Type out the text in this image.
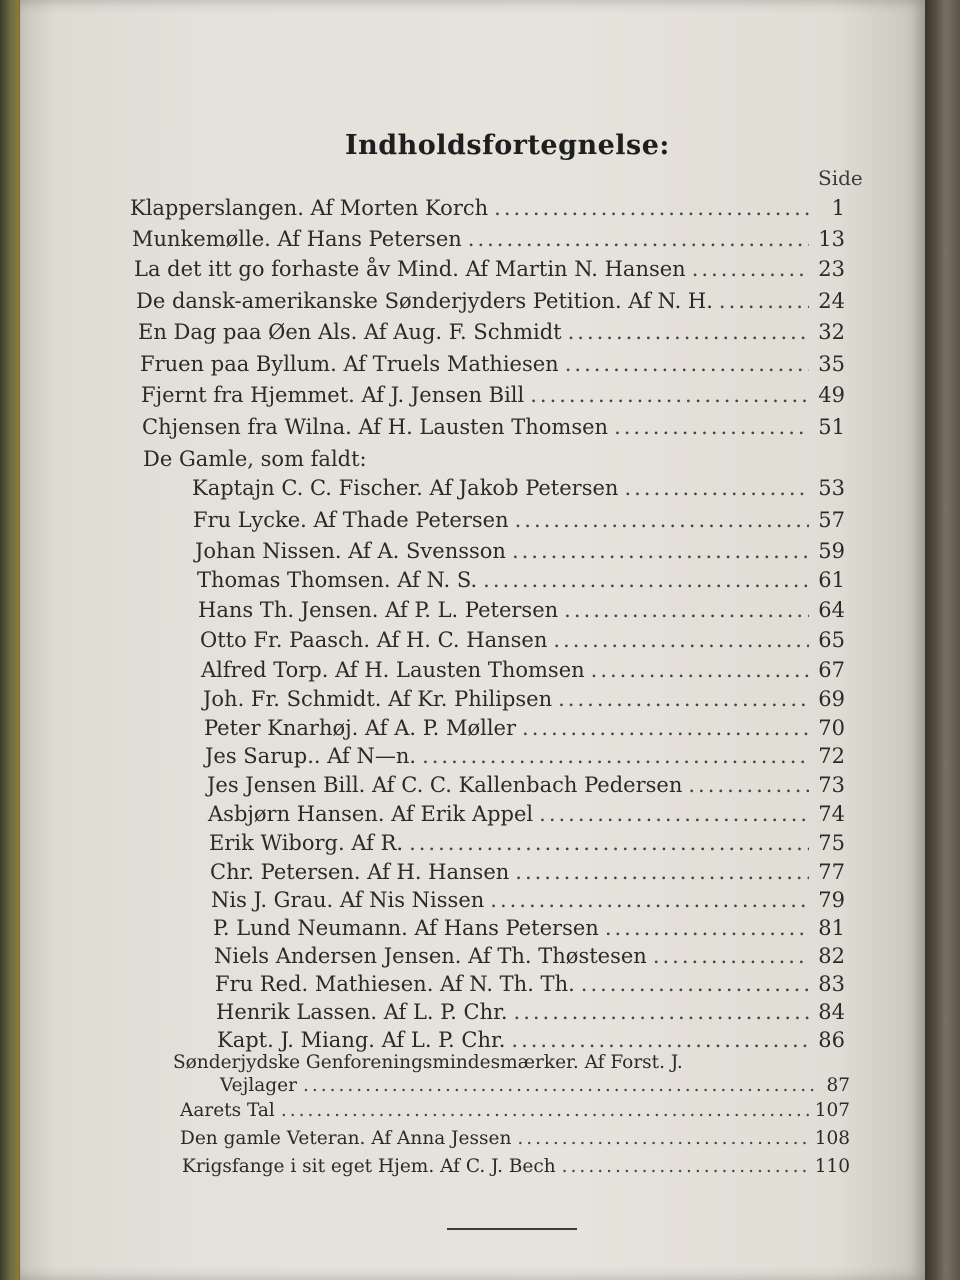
Indholdsfortegnelse:
Side
Klapperslangen. Af Morten Korch .....	1
Munkemølle. Af Hans Petersen .....	13
La det itt go forhaste åv Mind. Af Martin N. Hansen .....	23
De dansk-amerikanske Sønderjyders Petition. Af N. H. .....	24
En Dag paa Øen Als. Af Aug. F. Schmidt .....	32
Fruen paa Byllum. Af Truels Mathiesen .....	35
Fjernt fra Hjemmet. Af J. Jensen Bill .....	49
Chjensen fra Wilna. Af H. Lausten Thomsen .....	51
De Gamle, som faldt:
Kaptajn C. C. Fischer. Af Jakob Petersen .....	53
Fru Lycke. Af Thade Petersen .....	57
Johan Nissen. Af A. Svensson .....	59
Thomas Thomsen. Af N. S. .....	61
Hans Th. Jensen. Af P. L. Petersen .....	64
Otto Fr. Paasch. Af H. C. Hansen .....	65
Alfred Torp. Af H. Lausten Thomsen .....	67
Joh. Fr. Schmidt. Af Kr. Philipsen .....	69
Peter Knarhøj. Af A. P. Møller .....	70
Jes Sarup.. Af N—n. .....	72
Jes Jensen Bill. Af C. C. Kallenbach Pedersen .....	73
Asbjørn Hansen. Af Erik Appel .....	74
Erik Wiborg. Af R. .....	75
Chr. Petersen. Af H. Hansen .....	77
Nis J. Grau. Af Nis Nissen .....	79
P. Lund Neumann. Af Hans Petersen .....	81
Niels Andersen Jensen. Af Th. Thøstesen .....	82
Fru Red. Mathiesen. Af N. Th. Th. .....	83
Henrik Lassen. Af L. P. Chr. .....	84
Kapt. J. Miang. Af L. P. Chr. .....	86
Sønderjydske Genforeningsmindesmærker. Af Forst. J.
Vejlager .....	87
Aarets Tal .....	107
Den gamle Veteran. Af Anna Jessen .....	108
Krigsfange i sit eget Hjem. Af C. J. Bech .....	110
